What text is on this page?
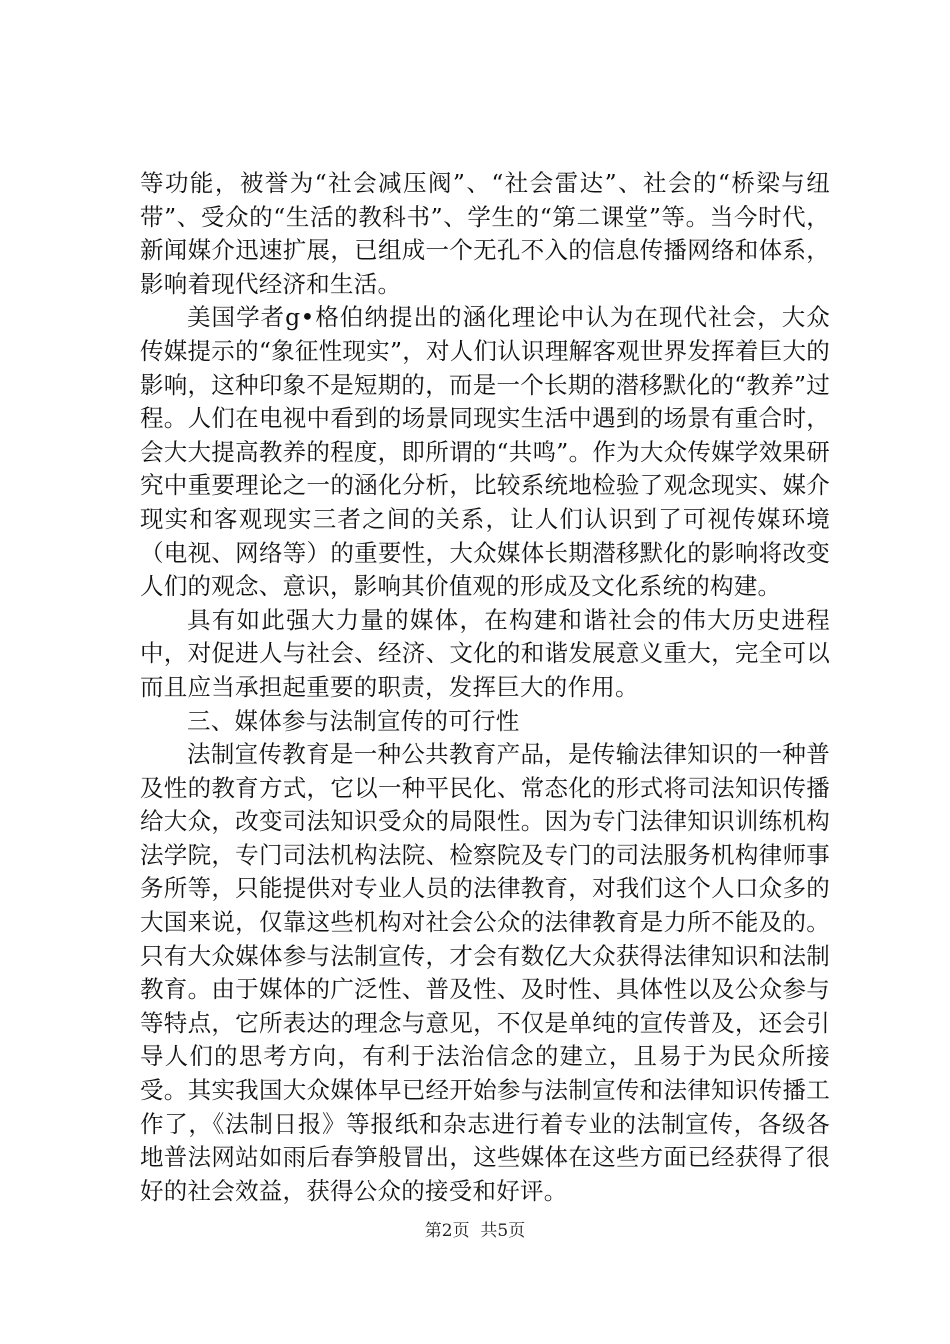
等功能，被誉为“社会减压阀”、“社会雷达”、社会的“桥梁与纽带”、受众的“生活的教科书”、学生的“第二课堂”等。当今时代，新闻媒介迅速扩展，已组成一个无孔不入的信息传播网络和体系，影响着现代经济和生活。

美国学者g•格伯纳提出的涵化理论中认为在现代社会，大众传媒提示的“象征性现实”，对人们认识理解客观世界发挥着巨大的影响，这种印象不是短期的，而是一个长期的潜移默化的“教养”过程。人们在电视中看到的场景同现实生活中遇到的场景有重合时，会大大提高教养的程度，即所谓的“共鸣”。作为大众传媒学效果研究中重要理论之一的涵化分析，比较系统地检验了观念现实、媒介现实和客观现实三者之间的关系，让人们认识到了可视传媒环境（电视、网络等）的重要性，大众媒体长期潜移默化的影响将改变人们的观念、意识，影响其价值观的形成及文化系统的构建。

具有如此强大力量的媒体，在构建和谐社会的伟大历史进程中，对促进人与社会、经济、文化的和谐发展意义重大，完全可以而且应当承担起重要的职责，发挥巨大的作用。

三、媒体参与法制宣传的可行性

法制宣传教育是一种公共教育产品，是传输法律知识的一种普及性的教育方式，它以一种平民化、常态化的形式将司法知识传播给大众，改变司法知识受众的局限性。因为专门法律知识训练机构法学院，专门司法机构法院、检察院及专门的司法服务机构律师事务所等，只能提供对专业人员的法律教育，对我们这个人口众多的大国来说，仅靠这些机构对社会公众的法律教育是力所不能及的。只有大众媒体参与法制宣传，才会有数亿大众获得法律知识和法制教育。由于媒体的广泛性、普及性、及时性、具体性以及公众参与等特点，它所表达的理念与意见，不仅是单纯的宣传普及，还会引导人们的思考方向，有利于法治信念的建立，且易于为民众所接受。其实我国大众媒体早已经开始参与法制宣传和法律知识传播工作了，《法制日报》等报纸和杂志进行着专业的法制宣传，各级各地普法网站如雨后春笋般冒出，这些媒体在这些方面已经获得了很好的社会效益，获得公众的接受和好评。

第2页  共5页
